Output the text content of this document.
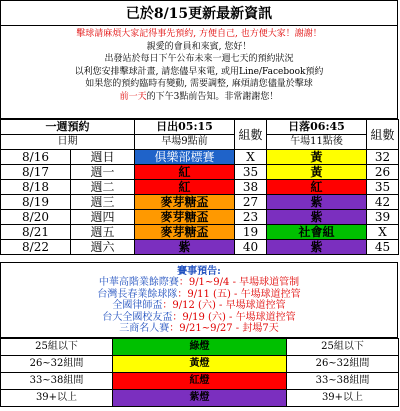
已於8/15更新最新資訊
擊球請麻煩大家記得事先預約, 方便自己, 也方便大家！謝謝！
親愛的會員和來賓, 您好！
出發站於每日下午公布未來一週七天的預約狀況
以利您安排擊球計畫, 請您儘早來電, 或用Line/Facebook預約
如果您的預約臨時有變動, 需要調整, 麻煩請您儘量於擊球
前一天的下午3點前告知。非常謝謝您！
一週預約		日出05:15	組數	日落06:45	組數
日期		早場9點前		午場11點後	
8/16	週日	俱樂部標賽	X	黃	32
8/17	週一	紅	35	黃	26
8/18	週二	紅	38	紅	35
8/19	週三	麥芽糖盃	27	紫	42
8/20	週四	麥芽糖盃	23	紫	39
8/21	週五	麥芽糖盃	19	社會組	X
8/22	週六	紫	40	紫	45
賽事預告:
中華高階業餘際賽：9/1~9/4 - 早場球道管制
台灣長春業餘球隊：9/11 (五) - 午場球道控管
全國律師盃：9/12 (六) - 早場球道控管
台大全國校友盃：9/19 (六) - 午場球道控管
三商名人賽：9/21~9/27 - 封場7天
25組以下	綠燈	25組以下
26~32組間	黃燈	26~32組間
33~38組間	紅燈	33~38組間
39+以上	紫燈	39+以上
